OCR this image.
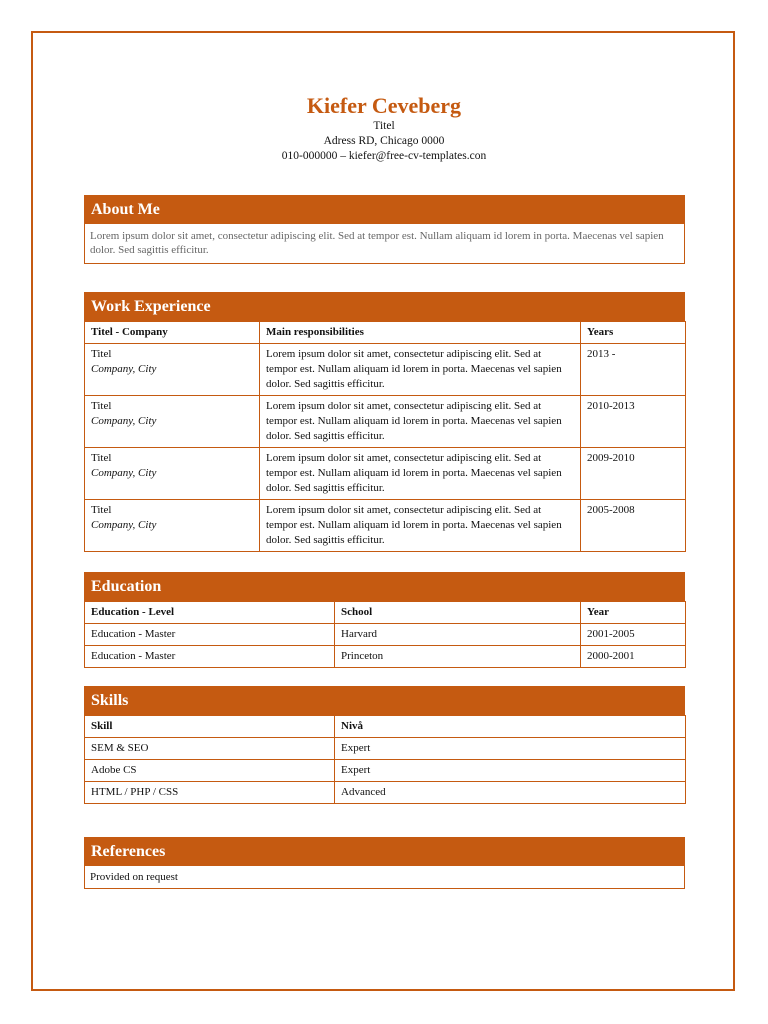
Kiefer Ceveberg
Titel
Adress RD, Chicago 0000
010-000000 – kiefer@free-cv-templates.con
About Me
Lorem ipsum dolor sit amet, consectetur adipiscing elit. Sed at tempor est. Nullam aliquam id lorem in porta. Maecenas vel sapien dolor. Sed sagittis efficitur.
Work Experience
Titel - Company	Main responsibilities	Years

Titel
Company, City	Lorem ipsum dolor sit amet, consectetur adipiscing elit. Sed at tempor est. Nullam aliquam id lorem in porta. Maecenas vel sapien dolor. Sed sagittis efficitur.	2013 -

Titel
Company, City	Lorem ipsum dolor sit amet, consectetur adipiscing elit. Sed at tempor est. Nullam aliquam id lorem in porta. Maecenas vel sapien dolor. Sed sagittis efficitur.	2010-2013

Titel
Company, City	Lorem ipsum dolor sit amet, consectetur adipiscing elit. Sed at tempor est. Nullam aliquam id lorem in porta. Maecenas vel sapien dolor. Sed sagittis efficitur.	2009-2010

Titel
Company, City	Lorem ipsum dolor sit amet, consectetur adipiscing elit. Sed at tempor est. Nullam aliquam id lorem in porta. Maecenas vel sapien dolor. Sed sagittis efficitur.	2005-2008
Education
Education - Level	School	Year
Education - Master	Harvard	2001-2005
Education - Master	Princeton	2000-2001
Skills
Skill	Nivå
SEM & SEO	Expert
Adobe CS	Expert
HTML / PHP / CSS	Advanced
References
Provided on request
